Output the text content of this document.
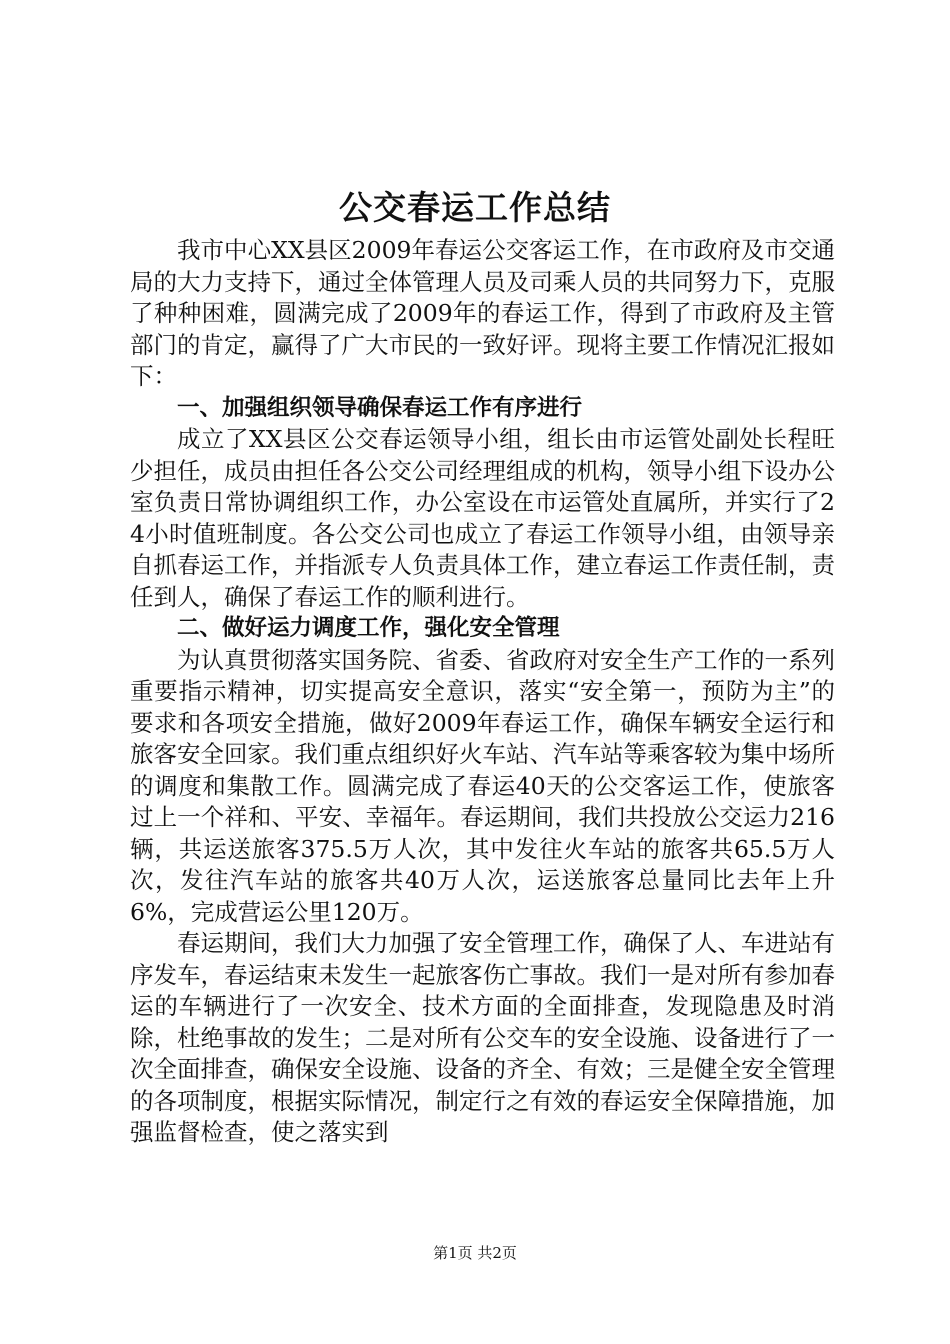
公交春运工作总结

我市中心XX县区2009年春运公交客运工作，在市政府及市交通局的大力支持下，通过全体管理人员及司乘人员的共同努力下，克服了种种困难，圆满完成了2009年的春运工作，得到了市政府及主管部门的肯定，赢得了广大市民的一致好评。现将主要工作情况汇报如下：

一、加强组织领导确保春运工作有序进行

成立了XX县区公交春运领导小组，组长由市运管处副处长程旺少担任，成员由担任各公交公司经理组成的机构，领导小组下设办公室负责日常协调组织工作，办公室设在市运管处直属所，并实行了24小时值班制度。各公交公司也成立了春运工作领导小组，由领导亲自抓春运工作，并指派专人负责具体工作，建立春运工作责任制，责任到人，确保了春运工作的顺利进行。

二、做好运力调度工作，强化安全管理

为认真贯彻落实国务院、省委、省政府对安全生产工作的一系列重要指示精神，切实提高安全意识，落实“安全第一，预防为主”的要求和各项安全措施，做好2009年春运工作，确保车辆安全运行和旅客安全回家。我们重点组织好火车站、汽车站等乘客较为集中场所的调度和集散工作。圆满完成了春运40天的公交客运工作，使旅客过上一个祥和、平安、幸福年。春运期间，我们共投放公交运力216辆，共运送旅客375.5万人次，其中发往火车站的旅客共65.5万人次，发往汽车站的旅客共40万人次，运送旅客总量同比去年上升6%，完成营运公里120万。

春运期间，我们大力加强了安全管理工作，确保了人、车进站有序发车，春运结束未发生一起旅客伤亡事故。我们一是对所有参加春运的车辆进行了一次安全、技术方面的全面排查，发现隐患及时消除，杜绝事故的发生；二是对所有公交车的安全设施、设备进行了一次全面排查，确保安全设施、设备的齐全、有效；三是健全安全管理的各项制度，根据实际情况，制定行之有效的春运安全保障措施，加强监督检查，使之落实到

第1页 共2页
